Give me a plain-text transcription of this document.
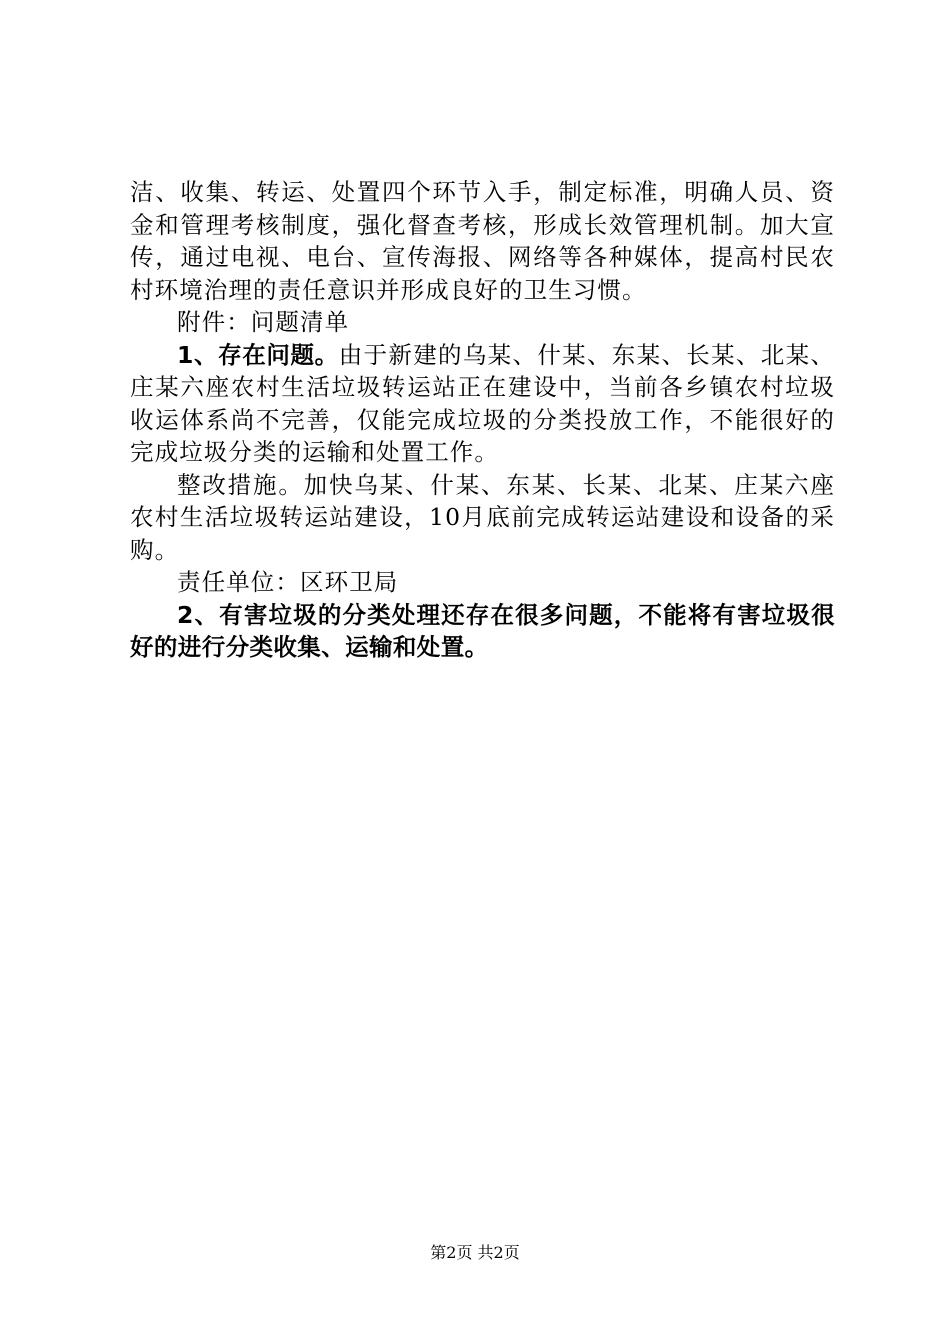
洁、收集、转运、处置四个环节入手，制定标准，明确人员、资金和管理考核制度，强化督查考核，形成长效管理机制。加大宣传，通过电视、电台、宣传海报、网络等各种媒体，提高村民农村环境治理的责任意识并形成良好的卫生习惯。

附件：问题清单

1、存在问题。由于新建的乌某、什某、东某、长某、北某、庄某六座农村生活垃圾转运站正在建设中，当前各乡镇农村垃圾收运体系尚不完善，仅能完成垃圾的分类投放工作，不能很好的完成垃圾分类的运输和处置工作。

整改措施。加快乌某、什某、东某、长某、北某、庄某六座农村生活垃圾转运站建设，10月底前完成转运站建设和设备的采购。

责任单位：区环卫局

2、有害垃圾的分类处理还存在很多问题，不能将有害垃圾很好的进行分类收集、运输和处置。

第2页 共2页
